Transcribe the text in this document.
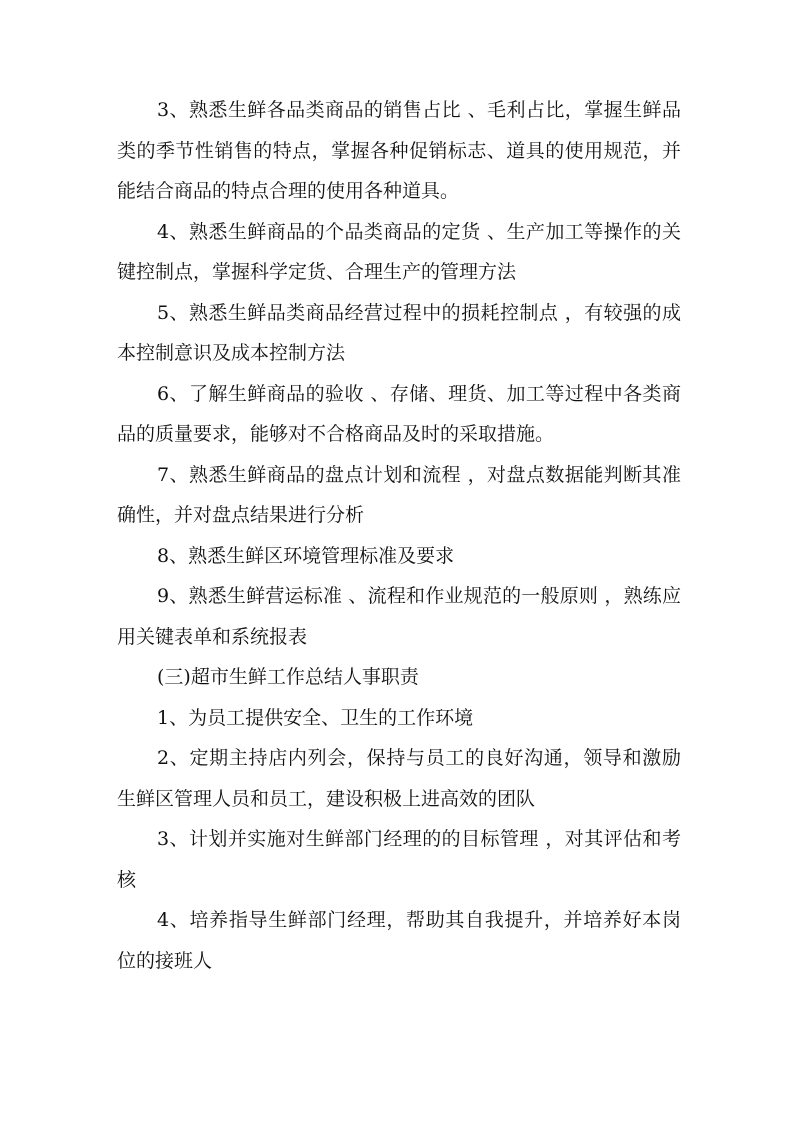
3、熟悉生鲜各品类商品的销售占比 、毛利占比，掌握生鲜品类的季节性销售的特点，掌握各种促销标志、道具的使用规范，并能结合商品的特点合理的使用各种道具。

4、熟悉生鲜商品的个品类商品的定货 、生产加工等操作的关键控制点，掌握科学定货、合理生产的管理方法

5、熟悉生鲜品类商品经营过程中的损耗控制点 ，有较强的成本控制意识及成本控制方法

6、了解生鲜商品的验收 、存储、理货、加工等过程中各类商品的质量要求，能够对不合格商品及时的采取措施。

7、熟悉生鲜商品的盘点计划和流程 ，对盘点数据能判断其准确性，并对盘点结果进行分析

8、熟悉生鲜区环境管理标准及要求

9、熟悉生鲜营运标准 、流程和作业规范的一般原则 ，熟练应用关键表单和系统报表

(三)超市生鲜工作总结人事职责

1、为员工提供安全、卫生的工作环境

2、定期主持店内列会，保持与员工的良好沟通，领导和激励生鲜区管理人员和员工，建设积极上进高效的团队

3、计划并实施对生鲜部门经理的的目标管理 ，对其评估和考核

4、培养指导生鲜部门经理，帮助其自我提升，并培养好本岗位的接班人
